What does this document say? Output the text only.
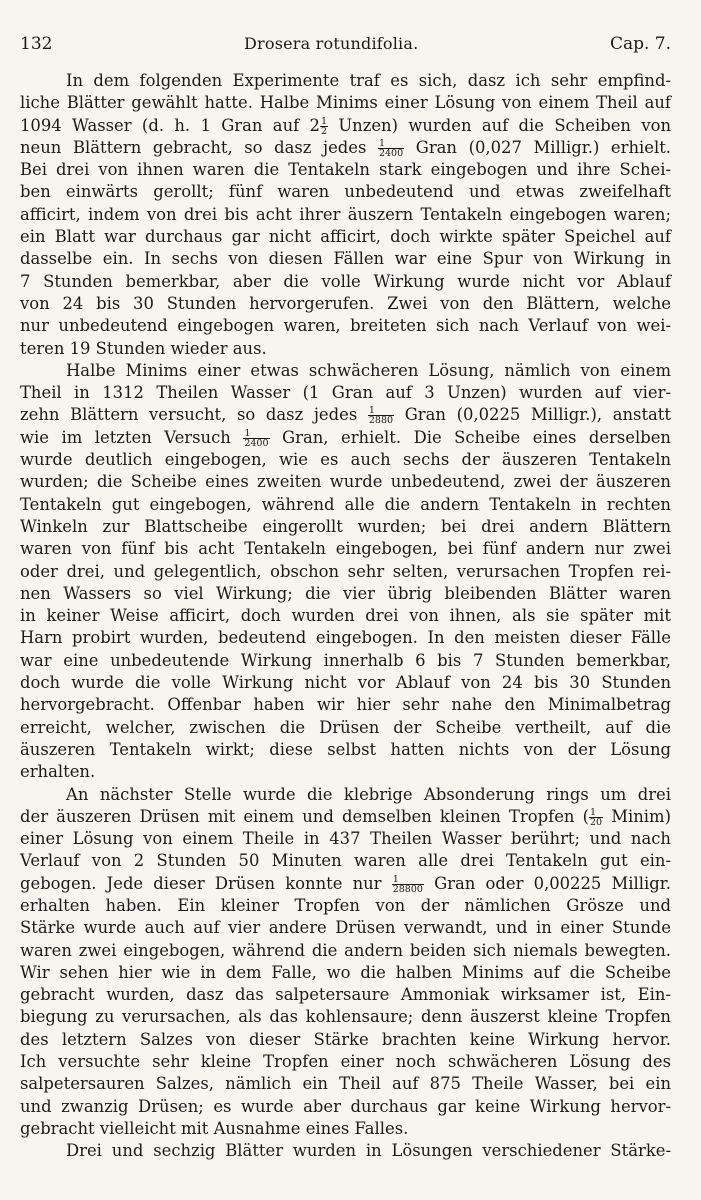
132	Drosera rotundifolia.	Cap. 7.

In dem folgenden Experimente traf es sich, dasz ich sehr empfind-

liche Blätter gewählt hatte. Halbe Minims einer Lösung von einem Theil auf

1094 Wasser (d. h. 1 Gran auf $2 \frac{1}{2}$ Unzen) wurden auf die Scheiben von

neun Blättern gebracht, so dasz jedes $\frac{1}{2400}$ Gran (0,027 Milligr.) erhielt.

Bei drei von ihnen waren die Tentakeln stark eingebogen und ihre Schei-

ben einwärts gerollt; fünf waren unbedeutend und etwas zweifelhaft

afficirt, indem von drei bis acht ihrer äuszern Tentakeln eingebogen waren;

ein Blatt war durchaus gar nicht afficirt, doch wirkte später Speichel auf

dasselbe ein. In sechs von diesen Fällen war eine Spur von Wirkung in

7 Stunden bemerkbar, aber die volle Wirkung wurde nicht vor Ablauf

von 24 bis 30 Stunden hervorgerufen. Zwei von den Blättern, welche

nur unbedeutend eingebogen waren, breiteten sich nach Verlauf von wei-

teren 19 Stunden wieder aus.

Halbe Minims einer etwas schwächeren Lösung, nämlich von einem

Theil in 1312 Theilen Wasser (1 Gran auf 3 Unzen) wurden auf vier-

zehn Blättern versucht, so dasz jedes $\frac{1}{2880}$ Gran (0,0225 Milligr.), anstatt

wie im letzten Versuch $\frac{1}{2400}$ Gran, erhielt. Die Scheibe eines derselben

wurde deutlich eingebogen, wie es auch sechs der äuszeren Tentakeln

wurden; die Scheibe eines zweiten wurde unbedeutend, zwei der äuszeren

Tentakeln gut eingebogen, während alle die andern Tentakeln in rechten

Winkeln zur Blattscheibe eingerollt wurden; bei drei andern Blättern

waren von fünf bis acht Tentakeln eingebogen, bei fünf andern nur zwei

oder drei, und gelegentlich, obschon sehr selten, verursachen Tropfen rei-

nen Wassers so viel Wirkung; die vier übrig bleibenden Blätter waren

in keiner Weise afficirt, doch wurden drei von ihnen, als sie später mit

Harn probirt wurden, bedeutend eingebogen. In den meisten dieser Fälle

war eine unbedeutende Wirkung innerhalb 6 bis 7 Stunden bemerkbar,

doch wurde die volle Wirkung nicht vor Ablauf von 24 bis 30 Stunden

hervorgebracht. Offenbar haben wir hier sehr nahe den Minimalbetrag

erreicht, welcher, zwischen die Drüsen der Scheibe vertheilt, auf die

äuszeren Tentakeln wirkt; diese selbst hatten nichts von der Lösung

erhalten.

An nächster Stelle wurde die klebrige Absonderung rings um drei

der äuszeren Drüsen mit einem und demselben kleinen Tropfen ( $\frac{1}{20}$ Minim)

einer Lösung von einem Theile in 437 Theilen Wasser berührt; und nach

Verlauf von 2 Stunden 50 Minuten waren alle drei Tentakeln gut ein-

gebogen. Jede dieser Drüsen konnte nur $\frac{1}{28800}$ Gran oder 0,00225 Milligr.

erhalten haben. Ein kleiner Tropfen von der nämlichen Grösze und

Stärke wurde auch auf vier andere Drüsen verwandt, und in einer Stunde

waren zwei eingebogen, während die andern beiden sich niemals bewegten.

Wir sehen hier wie in dem Falle, wo die halben Minims auf die Scheibe

gebracht wurden, dasz das salpetersaure Ammoniak wirksamer ist, Ein-

biegung zu verursachen, als das kohlensaure; denn äuszerst kleine Tropfen

des letztern Salzes von dieser Stärke brachten keine Wirkung hervor.

Ich versuchte sehr kleine Tropfen einer noch schwächeren Lösung des

salpetersauren Salzes, nämlich ein Theil auf 875 Theile Wasser, bei ein

und zwanzig Drüsen; es wurde aber durchaus gar keine Wirkung hervor-

gebracht vielleicht mit Ausnahme eines Falles.

Drei und sechzig Blätter wurden in Lösungen verschiedener Stärke-
